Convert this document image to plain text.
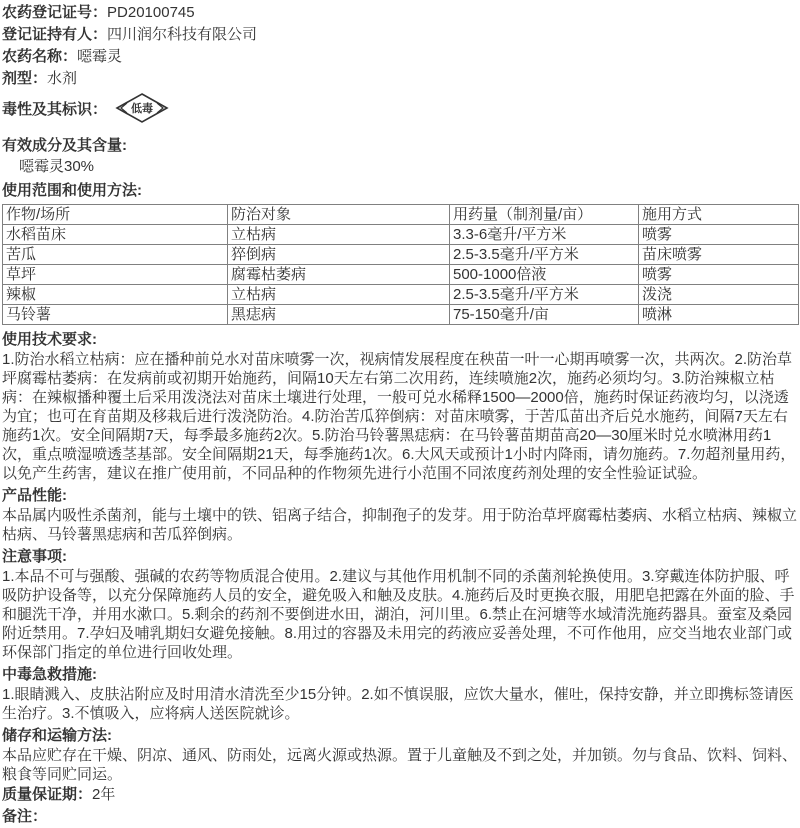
农药登记证号：PD20100745
登记证持有人：四川润尔科技有限公司
农药名称：噁霉灵
剂型：水剂
毒性及其标识： 低毒
有效成分及其含量:
噁霉灵30%
使用范围和使用方法:
作物/场所	防治对象	用药量（制剂量/亩）	施用方式
水稻苗床	立枯病	3.3-6毫升/平方米	喷雾
苦瓜	猝倒病	2.5-3.5毫升/平方米	苗床喷雾
草坪	腐霉枯萎病	500-1000倍液	喷雾
辣椒	立枯病	2.5-3.5毫升/平方米	泼浇
马铃薯	黑痣病	75-150毫升/亩	喷淋
使用技术要求:
1.防治水稻立枯病：应在播种前兑水对苗床喷雾一次，视病情发展程度在秧苗一叶一心期再喷雾一次，共两次。2.防治草坪腐霉枯萎病：在发病前或初期开始施药，间隔10天左右第二次用药，连续喷施2次，施药必须均匀。3.防治辣椒立枯病：在辣椒播种覆土后采用泼浇法对苗床土壤进行处理，一般可兑水稀释1500—2000倍，施药时保证药液均匀，以浇透为宜；也可在育苗期及移栽后进行泼浇防治。4.防治苦瓜猝倒病：对苗床喷雾，于苦瓜苗出齐后兑水施药，间隔7天左右施药1次。安全间隔期7天，每季最多施药2次。5.防治马铃薯黑痣病：在马铃薯苗期苗高20—30厘米时兑水喷淋用药1次，重点喷湿喷透茎基部。安全间隔期21天，每季施药1次。6.大风天或预计1小时内降雨，请勿施药。7.勿超剂量用药，以免产生药害，建议在推广使用前，不同品种的作物须先进行小范围不同浓度药剂处理的安全性验证试验。
产品性能:
本品属内吸性杀菌剂，能与土壤中的铁、铝离子结合，抑制孢子的发芽。用于防治草坪腐霉枯萎病、水稻立枯病、辣椒立枯病、马铃薯黑痣病和苦瓜猝倒病。
注意事项:
1.本品不可与强酸、强碱的农药等物质混合使用。2.建议与其他作用机制不同的杀菌剂轮换使用。3.穿戴连体防护服、呼吸防护设备等，以充分保障施药人员的安全，避免吸入和触及皮肤。4.施药后及时更换衣服，用肥皂把露在外面的脸、手和腿洗干净，并用水漱口。5.剩余的药剂不要倒进水田，湖泊，河川里。6.禁止在河塘等水域清洗施药器具。蚕室及桑园附近禁用。7.孕妇及哺乳期妇女避免接触。8.用过的容器及未用完的药液应妥善处理，不可作他用，应交当地农业部门或环保部门指定的单位进行回收处理。
中毒急救措施:
1.眼睛溅入、皮肤沾附应及时用清水清洗至少15分钟。2.如不慎误服，应饮大量水，催吐，保持安静，并立即携标签请医生治疗。3.不慎吸入，应将病人送医院就诊。
储存和运输方法:
本品应贮存在干燥、阴凉、通风、防雨处，远离火源或热源。置于儿童触及不到之处，并加锁。勿与食品、饮料、饲料、粮食等同贮同运。
质量保证期：2年
备注：
